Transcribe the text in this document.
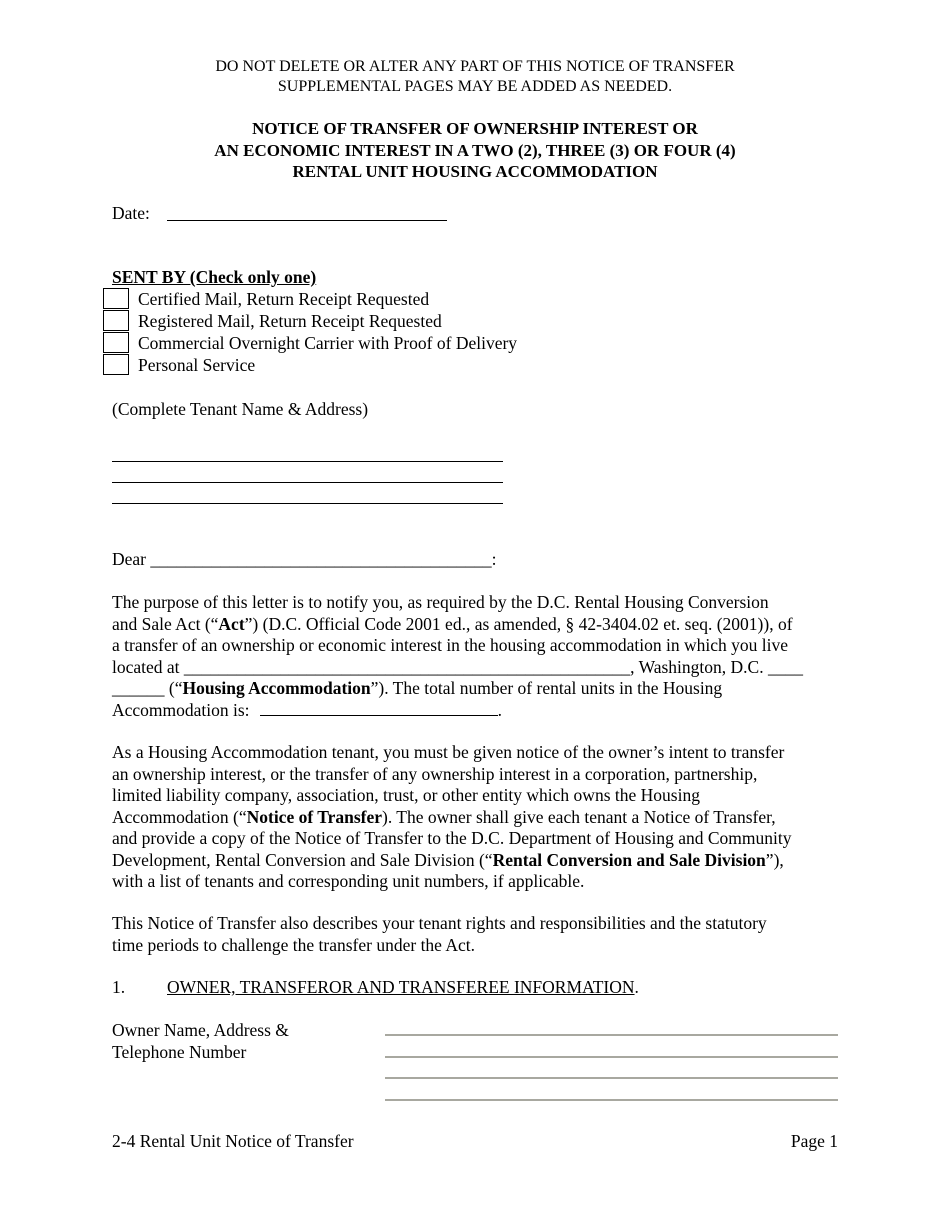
DO NOT DELETE OR ALTER ANY PART OF THIS NOTICE OF TRANSFER
SUPPLEMENTAL PAGES MAY BE ADDED AS NEEDED.
NOTICE OF TRANSFER OF OWNERSHIP INTEREST OR
AN ECONOMIC INTEREST IN A TWO (2), THREE (3) OR FOUR (4)
RENTAL UNIT HOUSING ACCOMMODATION
Date:
SENT BY (Check only one)
Certified Mail, Return Receipt Requested
Registered Mail, Return Receipt Requested
Commercial Overnight Carrier with Proof of Delivery
Personal Service
(Complete Tenant Name & Address)
Dear _______________________________________:
The purpose of this letter is to notify you, as required by the D.C. Rental Housing Conversion
and Sale Act (“Act”) (D.C. Official Code 2001 ed., as amended, § 42-3404.02 et. seq. (2001)), of
a transfer of an ownership or economic interest in the housing accommodation in which you live
located at ___________________________________________________, Washington, D.C. ____
______ (“Housing Accommodation”). The total number of rental units in the Housing
Accommodation is:	.
As a Housing Accommodation tenant, you must be given notice of the owner’s intent to transfer
an ownership interest, or the transfer of any ownership interest in a corporation, partnership,
limited liability company, association, trust, or other entity which owns the Housing
Accommodation (“Notice of Transfer). The owner shall give each tenant a Notice of Transfer,
and provide a copy of the Notice of Transfer to the D.C. Department of Housing and Community
Development, Rental Conversion and Sale Division (“Rental Conversion and Sale Division”),
with a list of tenants and corresponding unit numbers, if applicable.
This Notice of Transfer also describes your tenant rights and responsibilities and the statutory
time periods to challenge the transfer under the Act.
1. OWNER, TRANSFEROR AND TRANSFEREE INFORMATION.
Owner Name, Address &
Telephone Number
2-4 Rental Unit Notice of Transfer	Page 1
